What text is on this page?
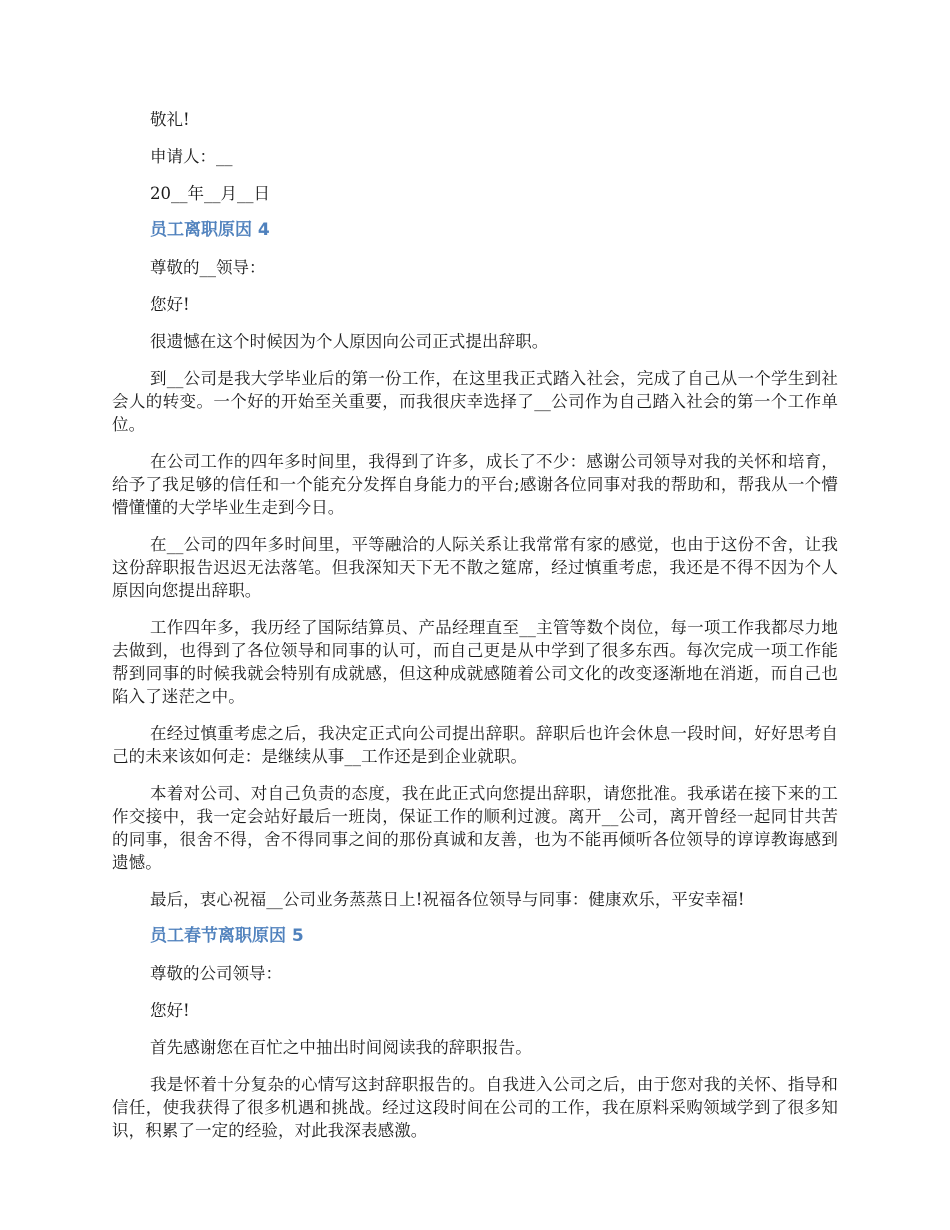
敬礼!

申请人：__

20__年__月__日

员工离职原因 4

尊敬的__领导：

您好!

很遗憾在这个时候因为个人原因向公司正式提出辞职。

到__公司是我大学毕业后的第一份工作，在这里我正式踏入社会，完成了自己从一个学生到社会人的转变。一个好的开始至关重要，而我很庆幸选择了__公司作为自己踏入社会的第一个工作单位。

在公司工作的四年多时间里，我得到了许多，成长了不少：感谢公司领导对我的关怀和培育，给予了我足够的信任和一个能充分发挥自身能力的平台;感谢各位同事对我的帮助和，帮我从一个懵懵懂懂的大学毕业生走到今日。

在__公司的四年多时间里，平等融洽的人际关系让我常常有家的感觉，也由于这份不舍，让我这份辞职报告迟迟无法落笔。但我深知天下无不散之筵席，经过慎重考虑，我还是不得不因为个人原因向您提出辞职。

工作四年多，我历经了国际结算员、产品经理直至__主管等数个岗位，每一项工作我都尽力地去做到，也得到了各位领导和同事的认可，而自己更是从中学到了很多东西。每次完成一项工作能帮到同事的时候我就会特别有成就感，但这种成就感随着公司文化的改变逐渐地在消逝，而自己也陷入了迷茫之中。

在经过慎重考虑之后，我决定正式向公司提出辞职。辞职后也许会休息一段时间，好好思考自己的未来该如何走：是继续从事__工作还是到企业就职。

本着对公司、对自己负责的态度，我在此正式向您提出辞职，请您批准。我承诺在接下来的工作交接中，我一定会站好最后一班岗，保证工作的顺利过渡。离开__公司，离开曾经一起同甘共苦的同事，很舍不得，舍不得同事之间的那份真诚和友善，也为不能再倾听各位领导的谆谆教诲感到遗憾。

最后，衷心祝福__公司业务蒸蒸日上!祝福各位领导与同事：健康欢乐，平安幸福!

员工春节离职原因 5

尊敬的公司领导：

您好!

首先感谢您在百忙之中抽出时间阅读我的辞职报告。

我是怀着十分复杂的心情写这封辞职报告的。自我进入公司之后，由于您对我的关怀、指导和信任，使我获得了很多机遇和挑战。经过这段时间在公司的工作，我在原料采购领域学到了很多知识，积累了一定的经验，对此我深表感激。
